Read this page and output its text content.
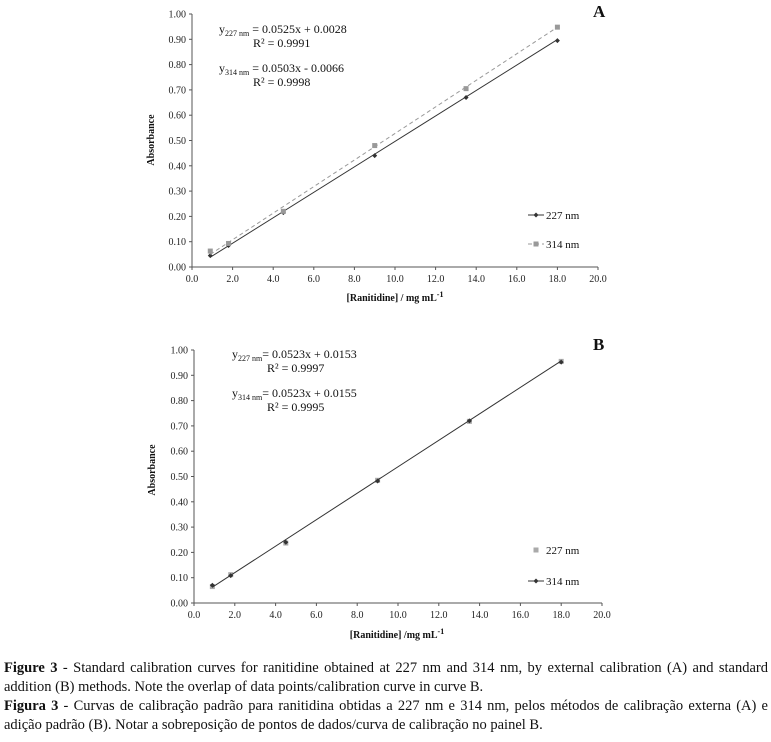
Absorbance
[Ranitidine] / mg $mL^{-1}$
A
$y_{227 nm} = 0.0525x + 0.0028$
R² = 0.9991
$y_{314 nm} = 0.0503x - 0.0066$
R² = 0.9998
227 nm
314 nm
0.00
0.10
0.20
0.30
0.40
0.50
0.60
0.70
0.80
0.90
1.00
0.0	2.0	4.0	6.0	8.0	10.0 12.0 14.0 16.0 18.0 20.0
Absorbance
[Ranitidine] /mg $mL^{-1}$
B
$y_{227 nm}= 0.0523x + 0.0153$
R² = 0.9997
$y_{314 nm}= 0.0523x + 0.0155$
R² = 0.9995
227 nm
314 nm
0.00
0.10
0.20
0.30
0.40
0.50
0.60
0.70
0.80
0.90
1.00
0.0	2.0	4.0	6.0	8.0	10.0 12.0 14.0 16.0 18.0 20.0

Figure 3 - Standard calibration curves for ranitidine obtained at 227 nm and 314 nm, by external calibration (A) and standard addition (B) methods. Note the overlap of data points/calibration curve in curve B.

Figura 3 - Curvas de calibração padrão para ranitidina obtidas a 227 nm e 314 nm, pelos métodos de calibração externa (A) e adição padrão (B). Notar a sobreposição de pontos de dados/curva de calibração no painel B.
